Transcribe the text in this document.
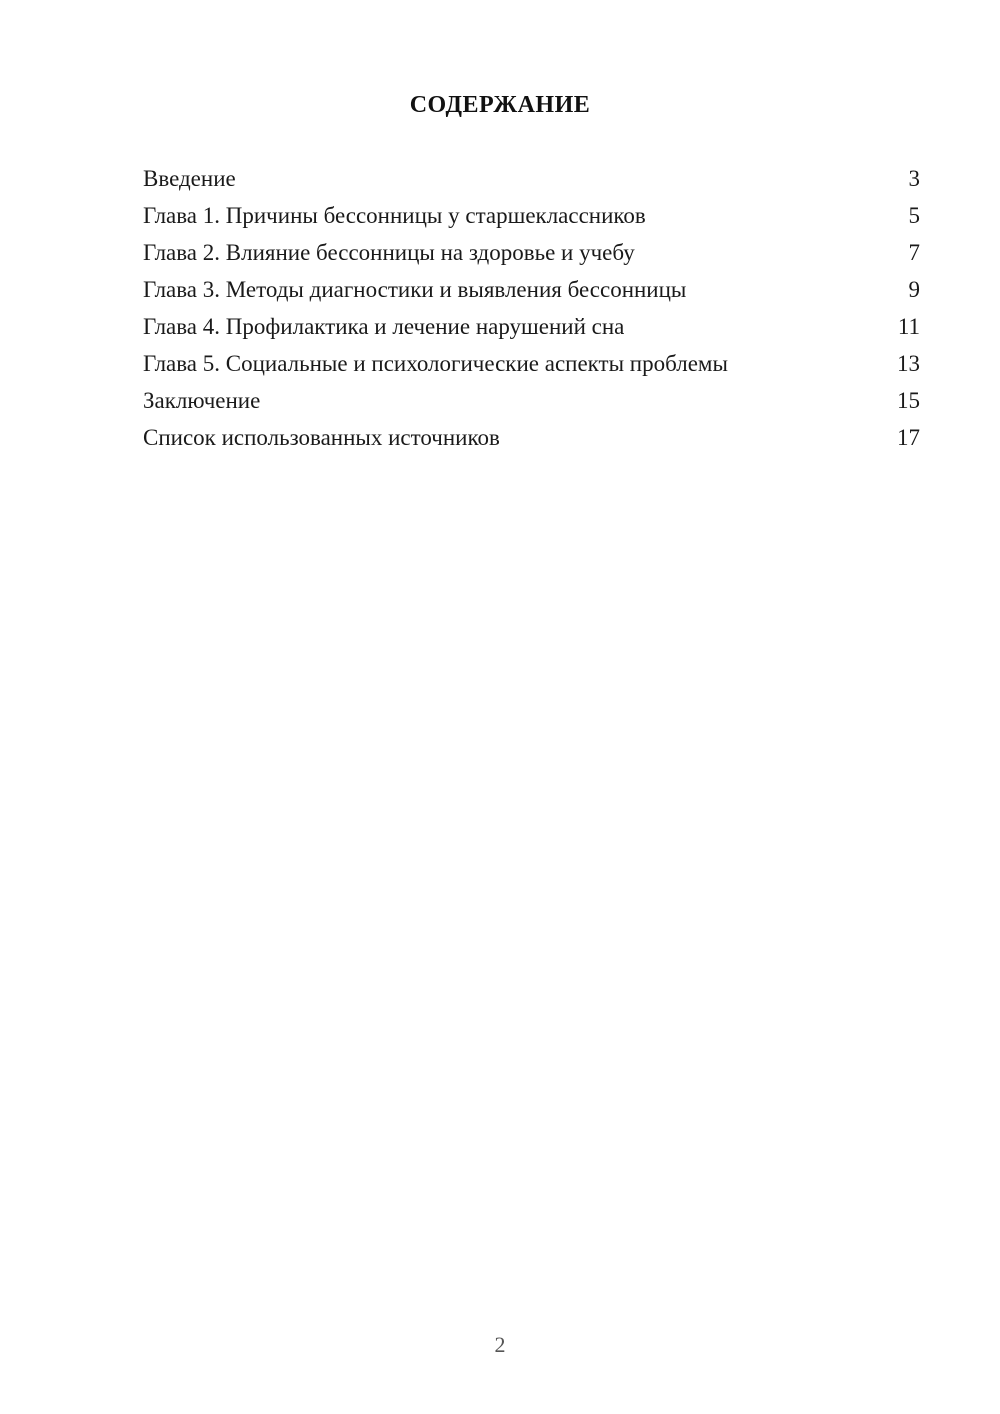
СОДЕРЖАНИЕ
Введение	3
Глава 1. Причины бессонницы у старшеклассников	5
Глава 2. Влияние бессонницы на здоровье и учебу	7
Глава 3. Методы диагностики и выявления бессонницы	9
Глава 4. Профилактика и лечение нарушений сна	11
Глава 5. Социальные и психологические аспекты проблемы	13
Заключение	15
Список использованных источников	17
2
